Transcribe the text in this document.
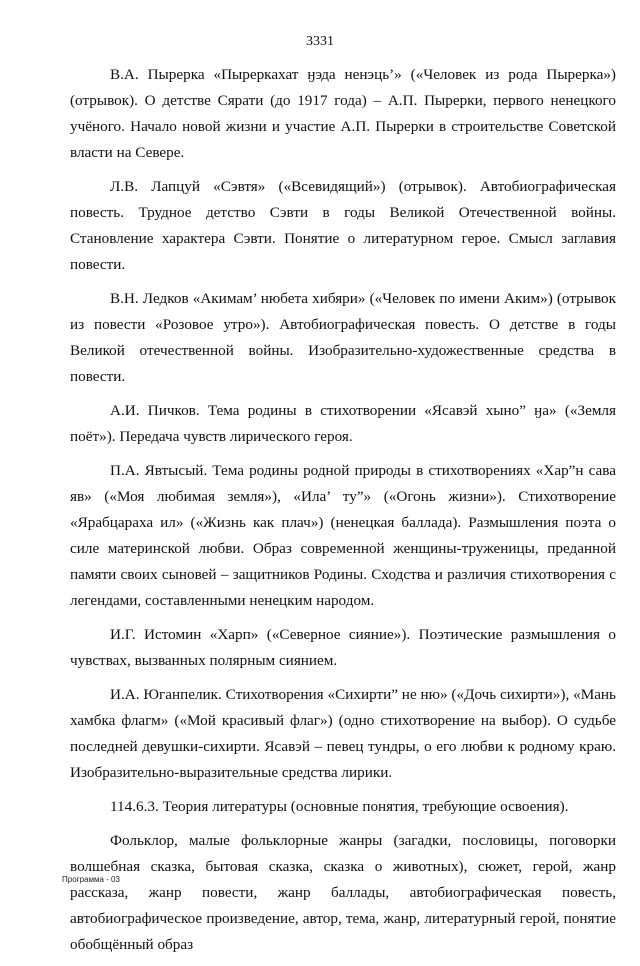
3331

В.А. Пырерка «Пыреркахат ӈэда ненэць’» («Человек из рода Пырерка») (отрывок). О детстве Сярати (до 1917 года) – А.П. Пырерки, первого ненецкого учёного. Начало новой жизни и участие А.П. Пырерки в строительстве Советской власти на Севере.

Л.В. Лапцуй «Сэвтя» («Всевидящий») (отрывок). Автобиографическая повесть. Трудное детство Сэвти в годы Великой Отечественной войны. Становление характера Сэвти. Понятие о литературном герое. Смысл заглавия повести.

В.Н. Ледков «Акимам’ нюбета хибяри» («Человек по имени Аким») (отрывок из повести «Розовое утро»). Автобиографическая повесть. О детстве в годы Великой отечественной войны. Изобразительно-художественные средства в повести.

А.И. Пичков. Тема родины в стихотворении «Ясавэй хыно” ӈа» («Земля поёт»). Передача чувств лирического героя.

П.А. Явтысый. Тема родины родной природы в стихотворениях «Хар”н сава яв» («Моя любимая земля»), «Ила’ ту”» («Огонь жизни»). Стихотворение «Ярабцараха ил» («Жизнь как плач») (ненецкая баллада). Размышления поэта о силе материнской любви. Образ современной женщины-труженицы, преданной памяти своих сыновей – защитников Родины. Сходства и различия стихотворения с легендами, составленными ненецким народом.

И.Г. Истомин «Харп» («Северное сияние»). Поэтические размышления о чувствах, вызванных полярным сиянием.

И.А. Юганпелик. Стихотворения «Сихирти” не ню» («Дочь сихирти»), «Мань хамбка флагм» («Мой красивый флаг») (одно стихотворение на выбор). О судьбе последней девушки-сихирти. Ясавэй – певец тундры, о его любви к родному краю. Изобразительно-выразительные средства лирики.

114.6.3. Теория литературы (основные понятия, требующие освоения).

Фольклор, малые фольклорные жанры (загадки, пословицы, поговорки волшебная сказка, бытовая сказка, сказка о животных), сюжет, герой, жанр рассказа, жанр повести, жанр баллады, автобиографическая повесть, автобиографическое произведение, автор, тема, жанр, литературный герой, понятие обобщённый образ

Программа - 03
